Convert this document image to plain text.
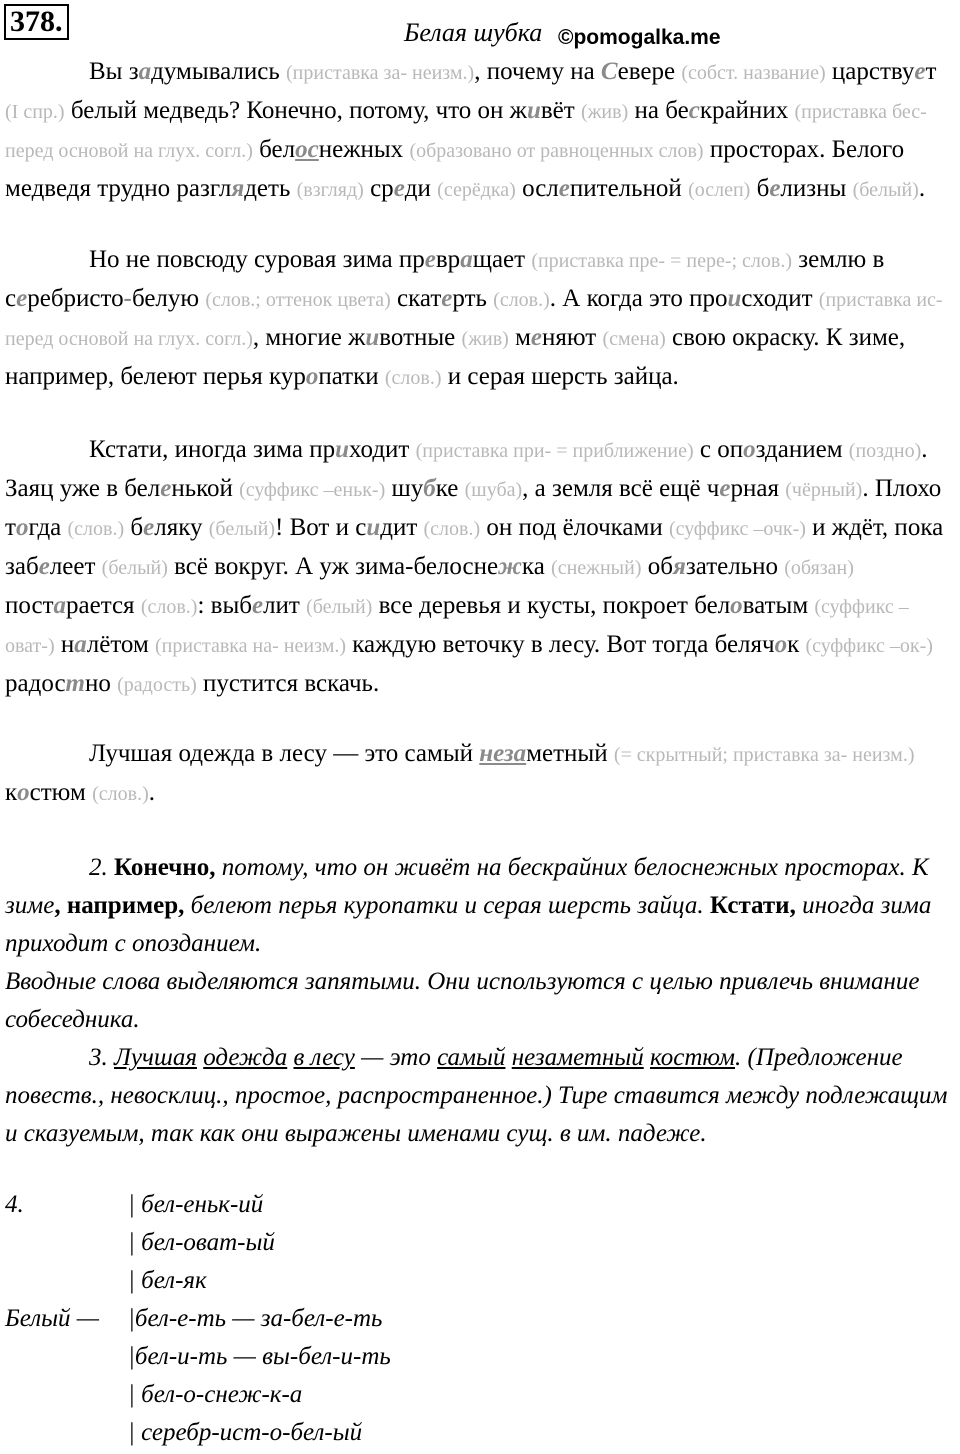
378.	Белая шубка ©pomogalka.me
Вы задумывались (приставка за- неизм.), почему на Севере (собст. название) царствует (I спр.) белый медведь? Конечно, потому, что он живёт (жив) на бескрайних (приставка бес- перед основой на глух. согл.) белоснежных (образовано от равноценных слов) просторах. Белого медведя трудно разглядеть (взгляд) среди (серёдка) ослепительной (ослеп) белизны (белый).
Но не повсюду суровая зима превращает (приставка пре- = пере-; слов.) землю в серебристо-белую (слов.; оттенок цвета) скатерть (слов.). А когда это происходит (приставка ис- перед основой на глух. согл.), многие животные (жив) меняют (смена) свою окраску. К зиме, например, белеют перья куропатки (слов.) и серая шерсть зайца.
Кстати, иногда зима приходит (приставка при- = приближение) с опозданием (поздно). Заяц уже в беленькой (суффикс –еньк-) шубке (шуба), а земля всё ещё черная (чёрный). Плохо тогда (слов.) беляку (белый)! Вот и сидит (слов.) он под ёлочками (суффикс –очк-) и ждёт, пока забелеет (белый) всё вокруг. А уж зима-белоснежка (снежный) обязательно (обязан) постарается (слов.): выбелит (белый) все деревья и кусты, покроет беловатым (суффикс –оват-) налётом (приставка на- неизм.) каждую веточку в лесу. Вот тогда белячок (суффикс –ок-) радостно (радость) пустится вскачь.
Лучшая одежда в лесу — это самый незаметный (= скрытный; приставка за- неизм.) костюм (слов.).
2. Конечно, потому, что он живёт на бескрайних белоснежных просторах. К зиме, например, белеют перья куропатки и серая шерсть зайца. Кстати, иногда зима приходит с опозданием.
Вводные слова выделяются запятыми. Они используются с целью привлечь внимание собеседника.
3. Лучшая одежда в лесу — это самый незаметный костюм. (Предложение повеств., невосклиц., простое, распространенное.) Тире ставится между подлежащим и сказуемым, так как они выражены именами сущ. в им. падеже.
4.
Белый —
| бел-еньк-ий
| бел-оват-ый
| бел-як
|бел-е-ть — за-бел-е-ть
|бел-и-ть — вы-бел-и-ть
| бел-о-снеж-к-а
| серебр-ист-о-бел-ый
